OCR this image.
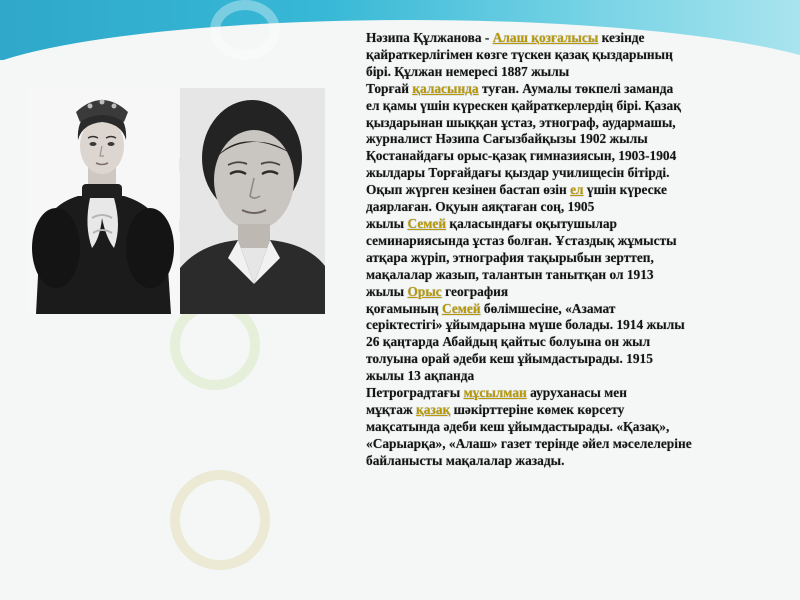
Нәзипа Құлжанова - Алаш қозғалысы кезінде

қайраткерлігімен көзге түскен қазақ қыздарының

бірі. Құлжан немересі 1887 жылы

Торғай қаласында туған. Аумалы төкпелі заманда

ел қамы үшін күрескен қайраткерлердің бірі. Қазақ

қыздарынан шыққан ұстаз, этнограф, аудармашы,

журналист Нәзипа Сағызбайқызы 1902 жылы

Қостанайдағы орыс-қазақ гимназиясын, 1903-1904

жылдары Торғайдағы қыздар училищесін бітірді.

Оқып жүрген кезінен бастап өзін ел үшін күреске

даярлаған. Оқуын аяқтаған соң, 1905

жылы Семей қаласындағы оқытушылар

семинариясында ұстаз болған. Ұстаздық жұмысты

атқара жүріп, этнография тақырыбын зерттеп,

мақалалар жазып, талантын танытқан ол 1913

жылы Орыс география

қоғамының Семей бөлімшесіне, «Азамат

серіктестігі» ұйымдарына мүше болады. 1914 жылы

26 қаңтарда Абайдың қайтыс болуына он жыл

толуына орай әдеби кеш ұйымдастырады. 1915

жылы 13 ақпанда

Петроградтағы мұсылман ауруханасы мен

мұқтаж қазақ шәкірттеріне көмек көрсету

мақсатында әдеби кеш ұйымдастырады. «Қазақ»,

«Сарыарқа», «Алаш» газет терінде әйел мәселелеріне

байланысты мақалалар жазады.
